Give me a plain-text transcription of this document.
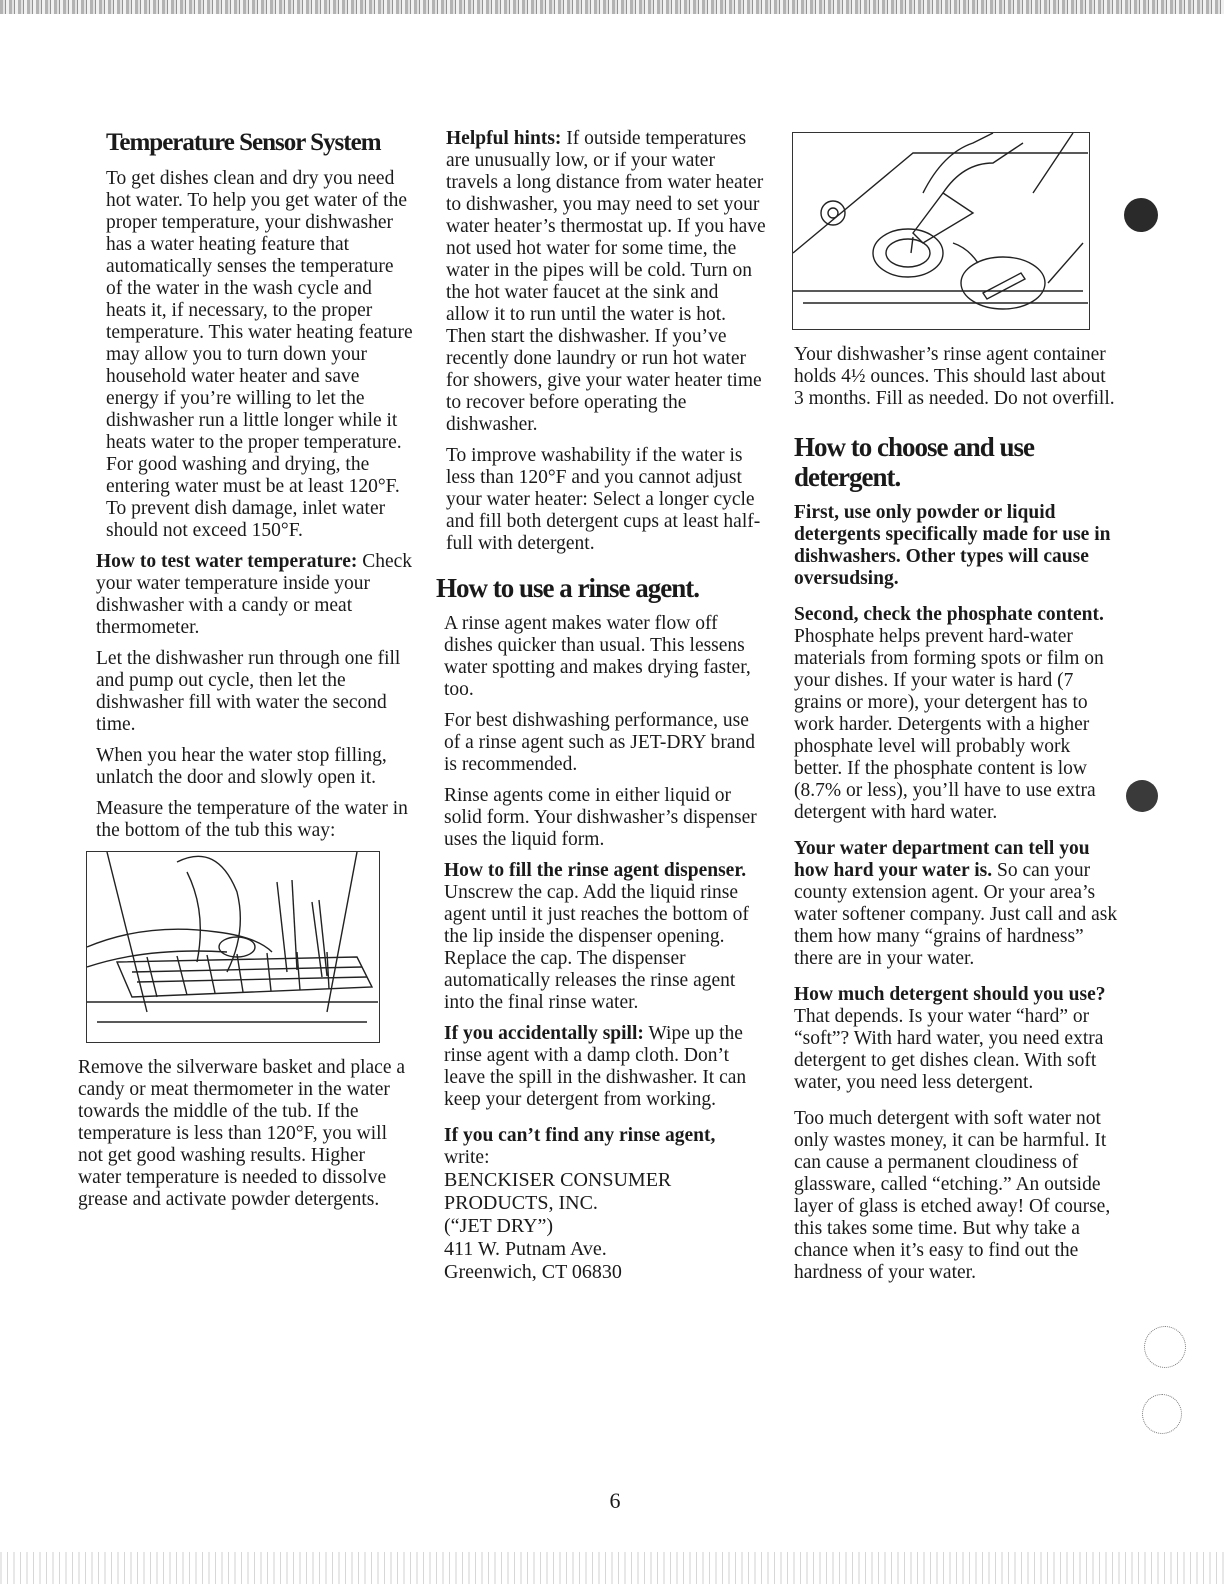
Temperature Sensor System

To get dishes clean and dry you need hot water. To help you get water of the proper temperature, your dishwasher has a water heating feature that automatically senses the temperature of the water in the wash cycle and heats it, if necessary, to the proper temperature. This water heating feature may allow you to turn down your household water heater and save energy if you’re willing to let the dishwasher run a little longer while it heats water to the proper temperature. For good washing and drying, the entering water must be at least 120°F. To prevent dish damage, inlet water should not exceed 150°F.

How to test water temperature: Check your water temperature inside your dishwasher with a candy or meat thermometer.

Let the dishwasher run through one fill and pump out cycle, then let the dishwasher fill with water the second time.

When you hear the water stop filling, unlatch the door and slowly open it.

Measure the temperature of the water in the bottom of the tub this way:

Remove the silverware basket and place a candy or meat thermometer in the water towards the middle of the tub. If the temperature is less than 120°F, you will not get good washing results. Higher water temperature is needed to dissolve grease and activate powder detergents.

Helpful hints: If outside temperatures are unusually low, or if your water travels a long distance from water heater to dishwasher, you may need to set your water heater’s thermostat up. If you have not used hot water for some time, the water in the pipes will be cold. Turn on the hot water faucet at the sink and allow it to run until the water is hot. Then start the dishwasher. If you’ve recently done laundry or run hot water for showers, give your water heater time to recover before operating the dishwasher.

To improve washability if the water is less than 120°F and you cannot adjust your water heater: Select a longer cycle and fill both detergent cups at least half-full with detergent.

How to use a rinse agent.

A rinse agent makes water flow off dishes quicker than usual. This lessens water spotting and makes drying faster, too.

For best dishwashing performance, use of a rinse agent such as JET-DRY brand is recommended.

Rinse agents come in either liquid or solid form. Your dishwasher’s dispenser uses the liquid form.

How to fill the rinse agent dispenser. Unscrew the cap. Add the liquid rinse agent until it just reaches the bottom of the lip inside the dispenser opening. Replace the cap. The dispenser automatically releases the rinse agent into the final rinse water.

If you accidentally spill: Wipe up the rinse agent with a damp cloth. Don’t leave the spill in the dishwasher. It can keep your detergent from working.

If you can’t find any rinse agent,
write:

BENCKISER CONSUMER
PRODUCTS, INC.
(“JET DRY”)
411 W. Putnam Ave.
Greenwich, CT 06830

Your dishwasher’s rinse agent container holds 4½ ounces. This should last about 3 months. Fill as needed. Do not overfill.

How to choose and use detergent.

First, use only powder or liquid detergents specifically made for use in dishwashers. Other types will cause oversudsing.

Second, check the phosphate content. Phosphate helps prevent hard-water materials from forming spots or film on your dishes. If your water is hard (7 grains or more), your detergent has to work harder. Detergents with a higher phosphate level will probably work better. If the phosphate content is low (8.7% or less), you’ll have to use extra detergent with hard water.

Your water department can tell you how hard your water is. So can your county extension agent. Or your area’s water softener company. Just call and ask them how many “grains of hardness” there are in your water.

How much detergent should you use? That depends. Is your water “hard” or “soft”? With hard water, you need extra detergent to get dishes clean. With soft water, you need less detergent.

Too much detergent with soft water not only wastes money, it can be harmful. It can cause a permanent cloudiness of glassware, called “etching.” An outside layer of glass is etched away! Of course, this takes some time. But why take a chance when it’s easy to find out the hardness of your water.

6
